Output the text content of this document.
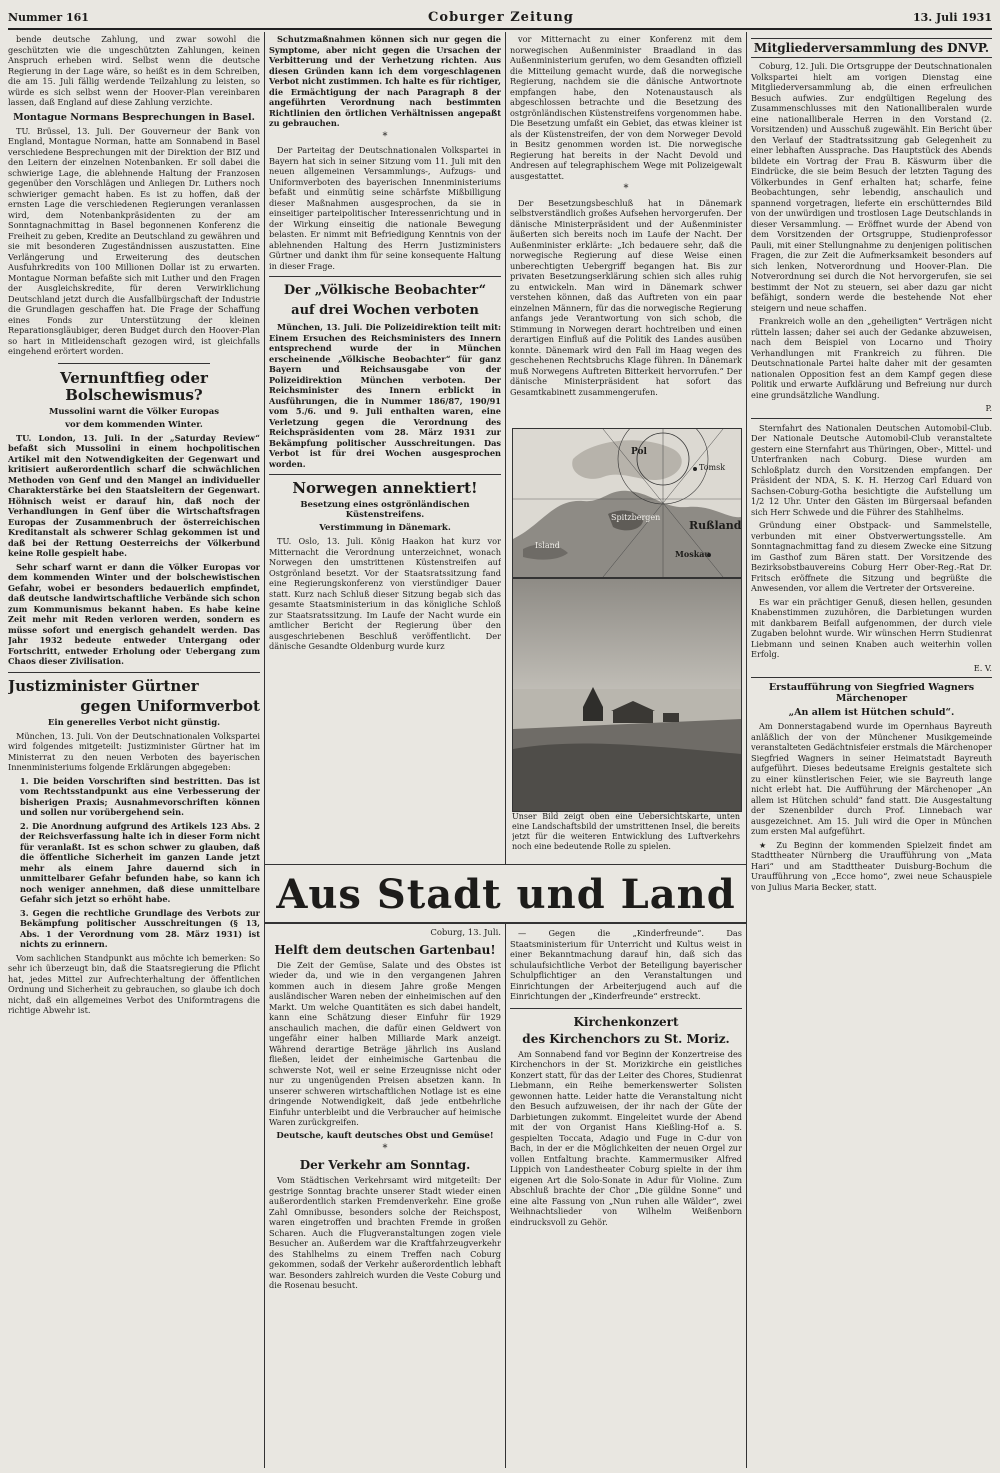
Nummer 161	Coburger Zeitung	13. Juli 1931

bende deutsche Zahlung, und zwar sowohl die geschützten wie die ungeschützten Zahlungen, keinen Anspruch erheben wird. Selbst wenn die deutsche Regierung in der Lage wäre, so heißt es in dem Schreiben, die am 15. Juli fällig werdende Teilzahlung zu leisten, so würde es sich selbst wenn der Hoover-Plan vereinbaren lassen, daß England auf diese Zahlung verzichte.

Montague Normans Besprechungen in Basel.

TU. Brüssel, 13. Juli. Der Gouverneur der Bank von England, Montague Norman, hatte am Sonnabend in Basel verschiedene Besprechungen mit der Direktion der BIZ und den Leitern der einzelnen Notenbanken. Er soll dabei die schwierige Lage, die ablehnende Haltung der Franzosen gegenüber den Vorschlägen und Anliegen Dr. Luthers noch schwieriger gemacht haben. Es ist zu hoffen, daß der ernsten Lage die verschiedenen Regierungen veranlassen wird, dem Notenbankpräsidenten zu der am Sonntagnachmittag in Basel begonnenen Konferenz die Freiheit zu geben, Kredite an Deutschland zu gewähren und sie mit besonderen Zugeständnissen auszustatten. Eine Verlängerung und Erweiterung des deutschen Ausfuhrkredits von 100 Millionen Dollar ist zu erwarten. Montague Norman befaßte sich mit Luther und den Fragen der Ausgleichskredite, für deren Verwirklichung Deutschland jetzt durch die Ausfallbürgschaft der Industrie die Grundlagen geschaffen hat. Die Frage der Schaffung eines Fonds zur Unterstützung der kleinen Reparationsgläubiger, deren Budget durch den Hoover-Plan so hart in Mitleidenschaft gezogen wird, ist gleichfalls eingehend erörtert worden.

Vernunftfieg oder Bolschewismus?
Mussolini warnt die Völker Europas
vor dem kommenden Winter.

TU. London, 13. Juli. In der „Saturday Review“ befaßt sich Mussolini in einem hochpolitischen Artikel mit den Notwendigkeiten der Gegenwart und kritisiert außerordentlich scharf die schwächlichen Methoden von Genf und den Mangel an individueller Charakterstärke bei den Staatsleitern der Gegenwart. Höhnisch weist er darauf hin, daß noch der Verhandlungen in Genf über die Wirtschaftsfragen Europas der Zusammenbruch der österreichischen Kreditanstalt als schwerer Schlag gekommen ist und daß bei der Rettung Oesterreichs der Völkerbund keine Rolle gespielt habe.

Sehr scharf warnt er dann die Völker Europas vor dem kommenden Winter und der bolschewistischen Gefahr, wobei er besonders bedauerlich empfindet, daß deutsche landwirtschaftliche Verbände sich schon zum Kommunismus bekannt haben. Es habe keine Zeit mehr mit Reden verloren werden, sondern es müsse sofort und energisch gehandelt werden. Das Jahr 1932 bedeute entweder Untergang oder Fortschritt, entweder Erholung oder Uebergang zum Chaos dieser Zivilisation.

Justizminister Gürtner
gegen Uniformverbot
Ein generelles Verbot nicht günstig.

München, 13. Juli. Von der Deutschnationalen Volkspartei wird folgendes mitgeteilt: Justizminister Gürtner hat im Ministerrat zu den neuen Verboten des bayerischen Innenministeriums folgende Erklärungen abgegeben:

1. Die beiden Vorschriften sind bestritten. Das ist vom Rechtsstandpunkt aus eine Verbesserung der bisherigen Praxis; Ausnahmevorschriften können und sollen nur vorübergehend sein.

2. Die Anordnung aufgrund des Artikels 123 Abs. 2 der Reichsverfassung halte ich in dieser Form nicht für veranlaßt. Ist es schon schwer zu glauben, daß die öffentliche Sicherheit im ganzen Lande jetzt mehr als einem Jahre dauernd sich in unmittelbarer Gefahr befunden habe, so kann ich noch weniger annehmen, daß diese unmittelbare Gefahr sich jetzt so erhöht habe.

3. Gegen die rechtliche Grundlage des Verbots zur Bekämpfung politischer Ausschreitungen (§ 13, Abs. 1 der Verordnung vom 28. März 1931) ist nichts zu erinnern.

Vom sachlichen Standpunkt aus möchte ich bemerken: So sehr ich überzeugt bin, daß die Staatsregierung die Pflicht hat, jedes Mittel zur Aufrechterhaltung der öffentlichen Ordnung und Sicherheit zu gebrauchen, so glaube ich doch nicht, daß ein allgemeines Verbot des Uniformtragens die richtige Abwehr ist.

Schutzmaßnahmen können sich nur gegen die Symptome, aber nicht gegen die Ursachen der Verbitterung und der Verhetzung richten. Aus diesen Gründen kann ich dem vorgeschlagenen Verbot nicht zustimmen. Ich halte es für richtiger, die Ermächtigung der nach Paragraph 8 der angeführten Verordnung nach bestimmten Richtlinien den örtlichen Verhältnissen angepaßt zu gebrauchen.

*

Der Parteitag der Deutschnationalen Volkspartei in Bayern hat sich in seiner Sitzung vom 11. Juli mit den neuen allgemeinen Versammlungs-, Aufzugs- und Uniformverboten des bayerischen Innenministeriums befaßt und einmütig seine schärfste Mißbilligung dieser Maßnahmen ausgesprochen, da sie in einseitiger parteipolitischer Interessenrichtung und in der Wirkung einseitig die nationale Bewegung belasten. Er nimmt mit Befriedigung Kenntnis von der ablehnenden Haltung des Herrn Justizministers Gürtner und dankt ihm für seine konsequente Haltung in dieser Frage.

Der „Völkische Beobachter“
auf drei Wochen verboten

München, 13. Juli. Die Polizeidirektion teilt mit: Einem Ersuchen des Reichsministers des Innern entsprechend wurde der in München erscheinende „Völkische Beobachter“ für ganz Bayern und Reichsausgabe von der Polizeidirektion München verboten. Der Reichsminister des Innern erblickt in Ausführungen, die in Nummer 186/87, 190/91 vom 5./6. und 9. Juli enthalten waren, eine Verletzung gegen die Verordnung des Reichspräsidenten vom 28. März 1931 zur Bekämpfung politischer Ausschreitungen. Das Verbot ist für drei Wochen ausgesprochen worden.

Norwegen annektiert!
Besetzung eines ostgrönländischen Küstenstreifens.
Verstimmung in Dänemark.

TU. Oslo, 13. Juli. König Haakon hat kurz vor Mitternacht die Verordnung unterzeichnet, wonach Norwegen den umstrittenen Küstenstreifen auf Ostgrönland besetzt. Vor der Staatsratssitzung fand eine Regierungskonferenz von vierstündiger Dauer statt. Kurz nach Schluß dieser Sitzung begab sich das gesamte Staatsministerium in das königliche Schloß zur Staatsratssitzung. Im Laufe der Nacht wurde ein amtlicher Bericht der Regierung über den ausgeschriebenen Beschluß veröffentlicht. Der dänische Gesandte Oldenburg wurde kurz

vor Mitternacht zu einer Konferenz mit dem norwegischen Außenminister Braadland in das Außenministerium gerufen, wo dem Gesandten offiziell die Mitteilung gemacht wurde, daß die norwegische Regierung, nachdem sie die dänische Antwortnote empfangen habe, den Notenaustausch als abgeschlossen betrachte und die Besetzung des ostgrönländischen Küstenstreifens vorgenommen habe. Die Besetzung umfaßt ein Gebiet, das etwas kleiner ist als der Küstenstreifen, der von dem Norweger Devold in Besitz genommen worden ist. Die norwegische Regierung hat bereits in der Nacht Devold und Andresen auf telegraphischem Wege mit Polizeigewalt ausgestattet.

*

Der Besetzungsbeschluß hat in Dänemark selbstverständlich großes Aufsehen hervorgerufen. Der dänische Ministerpräsident und der Außenminister äußerten sich bereits noch im Laufe der Nacht. Der Außenminister erklärte: „Ich bedauere sehr, daß die norwegische Regierung auf diese Weise einen unberechtigten Uebergriff begangen hat. Bis zur privaten Besetzungserklärung schien sich alles ruhig zu entwickeln. Man wird in Dänemark schwer verstehen können, daß das Auftreten von ein paar einzelnen Männern, für das die norwegische Regierung anfangs jede Verantwortung von sich schob, die Stimmung in Norwegen derart hochtreiben und einen derartigen Einfluß auf die Politik des Landes ausüben konnte. Dänemark wird den Fall im Haag wegen des geschehenen Rechtsbruchs Klage führen. In Dänemark muß Norwegens Auftreten Bitterkeit hervorrufen.“ Der dänische Ministerpräsident hat sofort das Gesamtkabinett zusammengerufen.

Pol
Tomsk
Spitzbergen
Island
Moskau
Rußland
Unser Bild zeigt oben eine Uebersichtskarte, unten eine Landschaftsbild der umstrittenen Insel, die bereits jetzt für die weiteren Entwicklung des Luftverkehrs noch eine bedeutende Rolle zu spielen.
Mitgliederversammlung des DNVP.

Coburg, 12. Juli. Die Ortsgruppe der Deutschnationalen Volkspartei hielt am vorigen Dienstag eine Mitgliederversammlung ab, die einen erfreulichen Besuch aufwies. Zur endgültigen Regelung des Zusammenschlusses mit den Nationalliberalen wurde eine nationalliberale Herren in den Vorstand (2. Vorsitzenden) und Ausschuß zugewählt. Ein Bericht über den Verlauf der Stadtratssitzung gab Gelegenheit zu einer lebhaften Aussprache. Das Hauptstück des Abends bildete ein Vortrag der Frau B. Käswurm über die Eindrücke, die sie beim Besuch der letzten Tagung des Völkerbundes in Genf erhalten hat; scharfe, feine Beobachtungen, sehr lebendig, anschaulich und spannend vorgetragen, lieferte ein erschütterndes Bild von der unwürdigen und trostlosen Lage Deutschlands in dieser Versammlung. — Eröffnet wurde der Abend von dem Vorsitzenden der Ortsgruppe, Studienprofessor Pauli, mit einer Stellungnahme zu denjenigen politischen Fragen, die zur Zeit die Aufmerksamkeit besonders auf sich lenken, Notverordnung und Hoover-Plan. Die Notverordnung sei durch die Not hervorgerufen, sie sei bestimmt der Not zu steuern, sei aber dazu gar nicht befähigt, sondern werde die bestehende Not eher steigern und neue schaffen.

Frankreich wolle an den „geheiligten“ Verträgen nicht rütteln lassen; daher sei auch der Gedanke abzuweisen, nach dem Beispiel von Locarno und Thoiry Verhandlungen mit Frankreich zu führen. Die Deutschnationale Partei halte daher mit der gesamten nationalen Opposition fest an dem Kampf gegen diese Politik und erwarte Aufklärung und Befreiung nur durch eine grundsätzliche Wandlung.

P.

Sternfahrt des Nationalen Deutschen Automobil-Club. Der Nationale Deutsche Automobil-Club veranstaltete gestern eine Sternfahrt aus Thüringen, Ober-, Mittel- und Unterfranken nach Coburg. Diese wurden am Schloßplatz durch den Vorsitzenden empfangen. Der Präsident der NDA, S. K. H. Herzog Carl Eduard von Sachsen-Coburg-Gotha besichtigte die Aufstellung um 1/2 12 Uhr. Unter den Gästen im Bürgersaal befanden sich Herr Schwede und die Führer des Stahlhelms.

Gründung einer Obstpack- und Sammelstelle, verbunden mit einer Obstverwertungsstelle. Am Sonntagnachmittag fand zu diesem Zwecke eine Sitzung im Gasthof zum Bären statt. Der Vorsitzende des Bezirksobstbauvereins Coburg Herr Ober-Reg.-Rat Dr. Fritsch eröffnete die Sitzung und begrüßte die Anwesenden, vor allem die Vertreter der Ortsvereine.

Es war ein prächtiger Genuß, diesen hellen, gesunden Knabenstimmen zuzuhören, die Darbietungen wurden mit dankbarem Beifall aufgenommen, der durch viele Zugaben belohnt wurde. Wir wünschen Herrn Studienrat Liebmann und seinen Knaben auch weiterhin vollen Erfolg.

E. V.
Erstaufführung von Siegfried Wagners Märchenoper
„An allem ist Hütchen schuld“.

Am Donnerstagabend wurde im Opernhaus Bayreuth anläßlich der von der Münchener Musikgemeinde veranstalteten Gedächtnisfeier erstmals die Märchenoper Siegfried Wagners in seiner Heimatstadt Bayreuth aufgeführt. Dieses bedeutsame Ereignis gestaltete sich zu einer künstlerischen Feier, wie sie Bayreuth lange nicht erlebt hat. Die Aufführung der Märchenoper „An allem ist Hütchen schuld“ fand statt. Die Ausgestaltung der Szenenbilder durch Prof. Linnebach war ausgezeichnet. Am 15. Juli wird die Oper in München zum ersten Mal aufgeführt.

★ Zu Beginn der kommenden Spielzeit findet am Stadttheater Nürnberg die Uraufführung von „Mata Hari“ und am Stadttheater Duisburg-Bochum die Uraufführung von „Ecce homo“, zwei neue Schauspiele von Julius Maria Becker, statt.

Aus Stadt und Land
Coburg, 13. Juli.
Helft dem deutschen Gartenbau!

Die Zeit der Gemüse, Salate und des Obstes ist wieder da, und wie in den vergangenen Jahren kommen auch in diesem Jahre große Mengen ausländischer Waren neben der einheimischen auf den Markt. Um welche Quantitäten es sich dabei handelt, kann eine Schätzung dieser Einfuhr für 1929 anschaulich machen, die dafür einen Geldwert von ungefähr einer halben Milliarde Mark anzeigt. Während derartige Beträge jährlich ins Ausland fließen, leidet der einheimische Gartenbau die schwerste Not, weil er seine Erzeugnisse nicht oder nur zu ungenügenden Preisen absetzen kann. In unserer schweren wirtschaftlichen Notlage ist es eine dringende Notwendigkeit, daß jede entbehrliche Einfuhr unterbleibt und die Verbraucher auf heimische Waren zurückgreifen.

Deutsche, kauft deutsches Obst und Gemüse!
*
Der Verkehr am Sonntag.

Vom Städtischen Verkehrsamt wird mitgeteilt: Der gestrige Sonntag brachte unserer Stadt wieder einen außerordentlich starken Fremdenverkehr. Eine große Zahl Omnibusse, besonders solche der Reichspost, waren eingetroffen und brachten Fremde in großen Scharen. Auch die Flugveranstaltungen zogen viele Besucher an. Außerdem war die Kraftfahrzeugverkehr des Stahlhelms zu einem Treffen nach Coburg gekommen, sodaß der Verkehr außerordentlich lebhaft war. Besonders zahlreich wurden die Veste Coburg und die Rosenau besucht.

— Gegen die „Kinderfreunde“. Das Staatsministerium für Unterricht und Kultus weist in einer Bekanntmachung darauf hin, daß sich das schulaufsichtliche Verbot der Beteiligung bayerischer Schulpflichtiger an den Veranstaltungen und Einrichtungen der Arbeiterjugend auch auf die Einrichtungen der „Kinderfreunde“ erstreckt.

Kirchenkonzert
des Kirchenchors zu St. Moriz.

Am Sonnabend fand vor Beginn der Konzertreise des Kirchenchors in der St. Morizkirche ein geistliches Konzert statt, für das der Leiter des Chores, Studienrat Liebmann, ein Reihe bemerkenswerter Solisten gewonnen hatte. Leider hatte die Veranstaltung nicht den Besuch aufzuweisen, der ihr nach der Güte der Darbietungen zukommt. Eingeleitet wurde der Abend mit der von Organist Hans Kießling-Hof a. S. gespielten Toccata, Adagio und Fuge in C-dur von Bach, in der er die Möglichkeiten der neuen Orgel zur vollen Entfaltung brachte. Kammermusiker Alfred Lippich von Landestheater Coburg spielte in der ihm eigenen Art die Solo-Sonate in Adur für Violine. Zum Abschluß brachte der Chor „Die güldne Sonne“ und eine alte Fassung von „Nun ruhen alle Wälder“, zwei Weihnachtslieder von Wilhelm Weißenborn eindrucksvoll zu Gehör.
